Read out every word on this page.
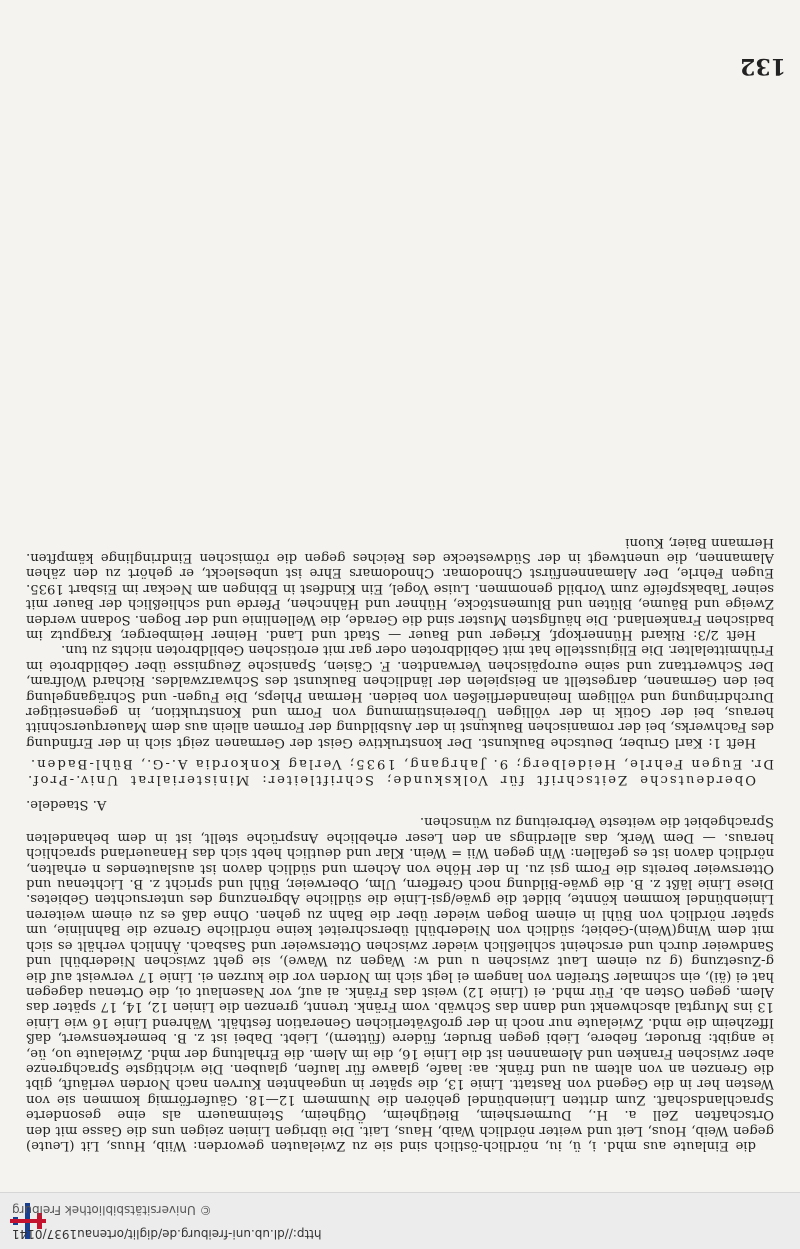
http://dl.ub.uni-freiburg.de/diglit/ortenau1937/0141
© Universitätsbibliothek Freiburg
132

die Einlaute aus mhd. i, ü, iu, nördlich-östlich sind sie zu Zwielauten geworden: Wiib, Huus, Lit (Leute) gegen Weib, Hous, Leit und weiter nördlich Waib, Haus, Lait. Die übrigen Linien zeigen uns die Gasse mit den Ortschaften Zell a. H., Durmersheim, Bietigheim, Ötigheim, Steinmauern als eine gesonderte Sprachlandschaft. Zum dritten Linienbündel gehören die Nummern 12—18. Gäuferförmig kommen sie von Westen her in die Gegend von Rastatt. Linie 13, die später in ungeahnten Kurven nach Norden verläuft, gibt die Grenzen an von altem au und fränk. aa: laafe, glaawe für laufen, glauben. Die wichtigste Sprachgrenze aber zwischen Franken und Alemannen ist die Linie 16, die im Alem. die Erhaltung der mhd. Zwielaute uo, üe, ie angibt: Bruoder, fiebere, Liebi gegen Bruder, füdere (füttern), Liebt. Dabei ist z. B. bemerkenswert, daß Iffezheim die mhd. Zwielaute nur noch in der großväterlichen Generation festhält. Während Linie 16 wie Linie 13 ins Murgtal abschwenkt und dann das Schwäb. vom Fränk. trennt, grenzen die Linien 12, 14, 17 später das Alem. gegen Osten ab. Für mhd. ei (Linie 12) weist das Fränk. ai auf, vor Nasenlaut oi, die Ortenau dagegen hat ei (äi), ein schmaler Streifen von langem ei legt sich im Norden vor die kurzen ei. Linie 17 verweist auf die g-Zusetzung (g zu einem Laut zwischen u und w: Wagen zu Wawe), sie geht zwischen Niederbühl und Sandweier durch und erscheint schließlich wieder zwischen Ottersweier und Sasbach. Ähnlich verhält es sich mit dem Wing(Wein)-Gebiet; südlich von Niederbühl überschreitet keine nördliche Grenze die Bahnlinie, um später nördlich von Bühl in einem Bogen wieder über die Bahn zu gehen. Ohne daß es zu einem weiteren Linienbündel kommen könnte, bildet die gwäe/gsi-Linie die südliche Abgrenzung des untersuchten Gebietes. Diese Linie läßt z. B. die gwäe-Bildung noch Greffern, Ulm, Oberweier, Bühl und spricht z. B. Lichtenau und Ottersweier bereits die Form gsi zu. In der Höhe von Achern und südlich davon ist auslautendes n erhalten, nördlich davon ist es gefallen: Win gegen Wii = Wein. Klar und deutlich hebt sich das Hanauerland sprachlich heraus. — Dem Werk, das allerdings an den Leser erhebliche Ansprüche stellt, ist in dem behandelten Sprachgebiet die weiteste Verbreitung zu wünschen.

A. Staedele.

Oberdeutsche Zeitschrift für Volkskunde; Schriftleiter: Ministerialrat Univ.-Prof. Dr. Eugen Fehrle, Heidelberg; 9. Jahrgang, 1935; Verlag Konkordia A.-G., Bühl-Baden.

Heft 1: Karl Gruber, Deutsche Baukunst. Der konstruktive Geist der Germanen zeigt sich in der Erfindung des Fachwerks, bei der romanischen Baukunst in der Ausbildung der Formen allein aus dem Mauerquerschnitt heraus, bei der Gotik in der völligen Übereinstimmung von Form und Konstruktion, in gegenseitiger Durchdringung und völligem Ineinanderfließen von beiden. Herman Phleps, Die Fugen- und Schrägangelung bei den Germanen, dargestellt an Beispielen der ländlichen Baukunst des Schwarzwaldes. Richard Wolfram, Der Schwerttanz und seine europäischen Verwandten. F. Cäsien, Spanische Zeugnisse über Gebildbrote im Frühmittelalter. Die Eligiusstelle hat mit Gebildbroten oder gar mit erotischen Gebildbroten nichts zu tun.

Heft 2/3: Rikard Hünnerkopf, Krieger und Bauer — Stadt und Land. Heiner Heimberger, Kragputz im badischen Frankenland. Die häufigsten Muster sind die Gerade, die Wellenlinie und der Bogen. Sodann werden Zweige und Bäume, Blüten und Blumenstöcke, Hühner und Hähnchen, Pferde und schließlich der Bauer mit seiner Tabakspfeife zum Vorbild genommen. Luise Vogel, Ein Kindfest in Ebingen am Neckar im Eisbart 1935. Eugen Fehrle, Der Alamannenfürst Chnodomar. Chnodomars Ehre ist unbesleckt, er gehört zu den zähen Alamannen, die unentwegt in der Südwestecke des Reiches gegen die römischen Eindringlinge kämpften. Hermann Baier, Kuoni
